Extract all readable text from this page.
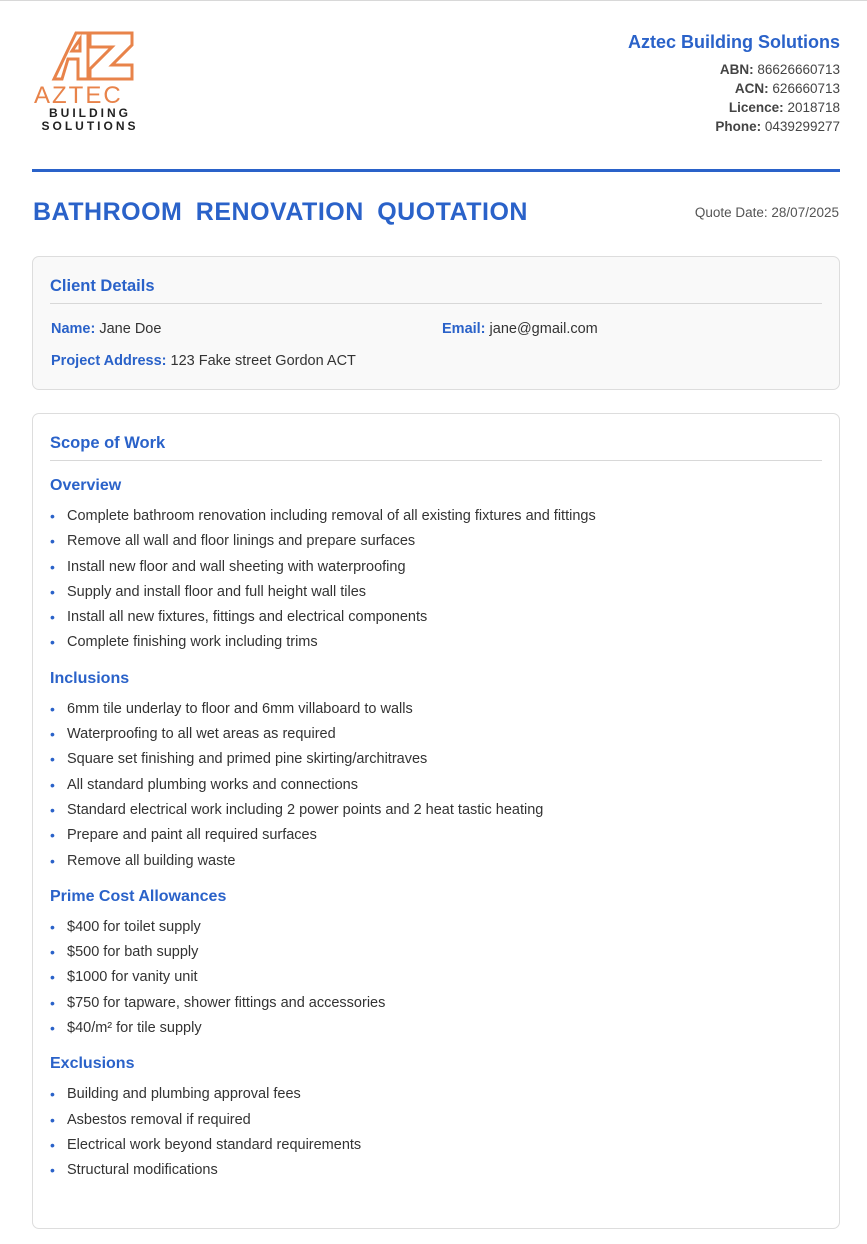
AZTEC
BUILDING
SOLUTIONS
Aztec Building Solutions
ABN: 86626660713
ACN: 626660713
Licence: 2018718
Phone: 0439299277
BATHROOM RENOVATION QUOTATION	Quote Date: 28/07/2025
Client Details
Name: Jane Doe	Email: jane@gmail.com
Project Address: 123 Fake street Gordon ACT
Scope of Work
Overview
• Complete bathroom renovation including removal of all existing fixtures and fittings
• Remove all wall and floor linings and prepare surfaces
• Install new floor and wall sheeting with waterproofing
• Supply and install floor and full height wall tiles
• Install all new fixtures, fittings and electrical components
• Complete finishing work including trims
Inclusions
• 6mm tile underlay to floor and 6mm villaboard to walls
• Waterproofing to all wet areas as required
• Square set finishing and primed pine skirting/architraves
• All standard plumbing works and connections
• Standard electrical work including 2 power points and 2 heat tastic heating
• Prepare and paint all required surfaces
• Remove all building waste
Prime Cost Allowances
• $400 for toilet supply
• $500 for bath supply
• $1000 for vanity unit
• $750 for tapware, shower fittings and accessories
• $40/m² for tile supply
Exclusions
• Building and plumbing approval fees
• Asbestos removal if required
• Electrical work beyond standard requirements
• Structural modifications
